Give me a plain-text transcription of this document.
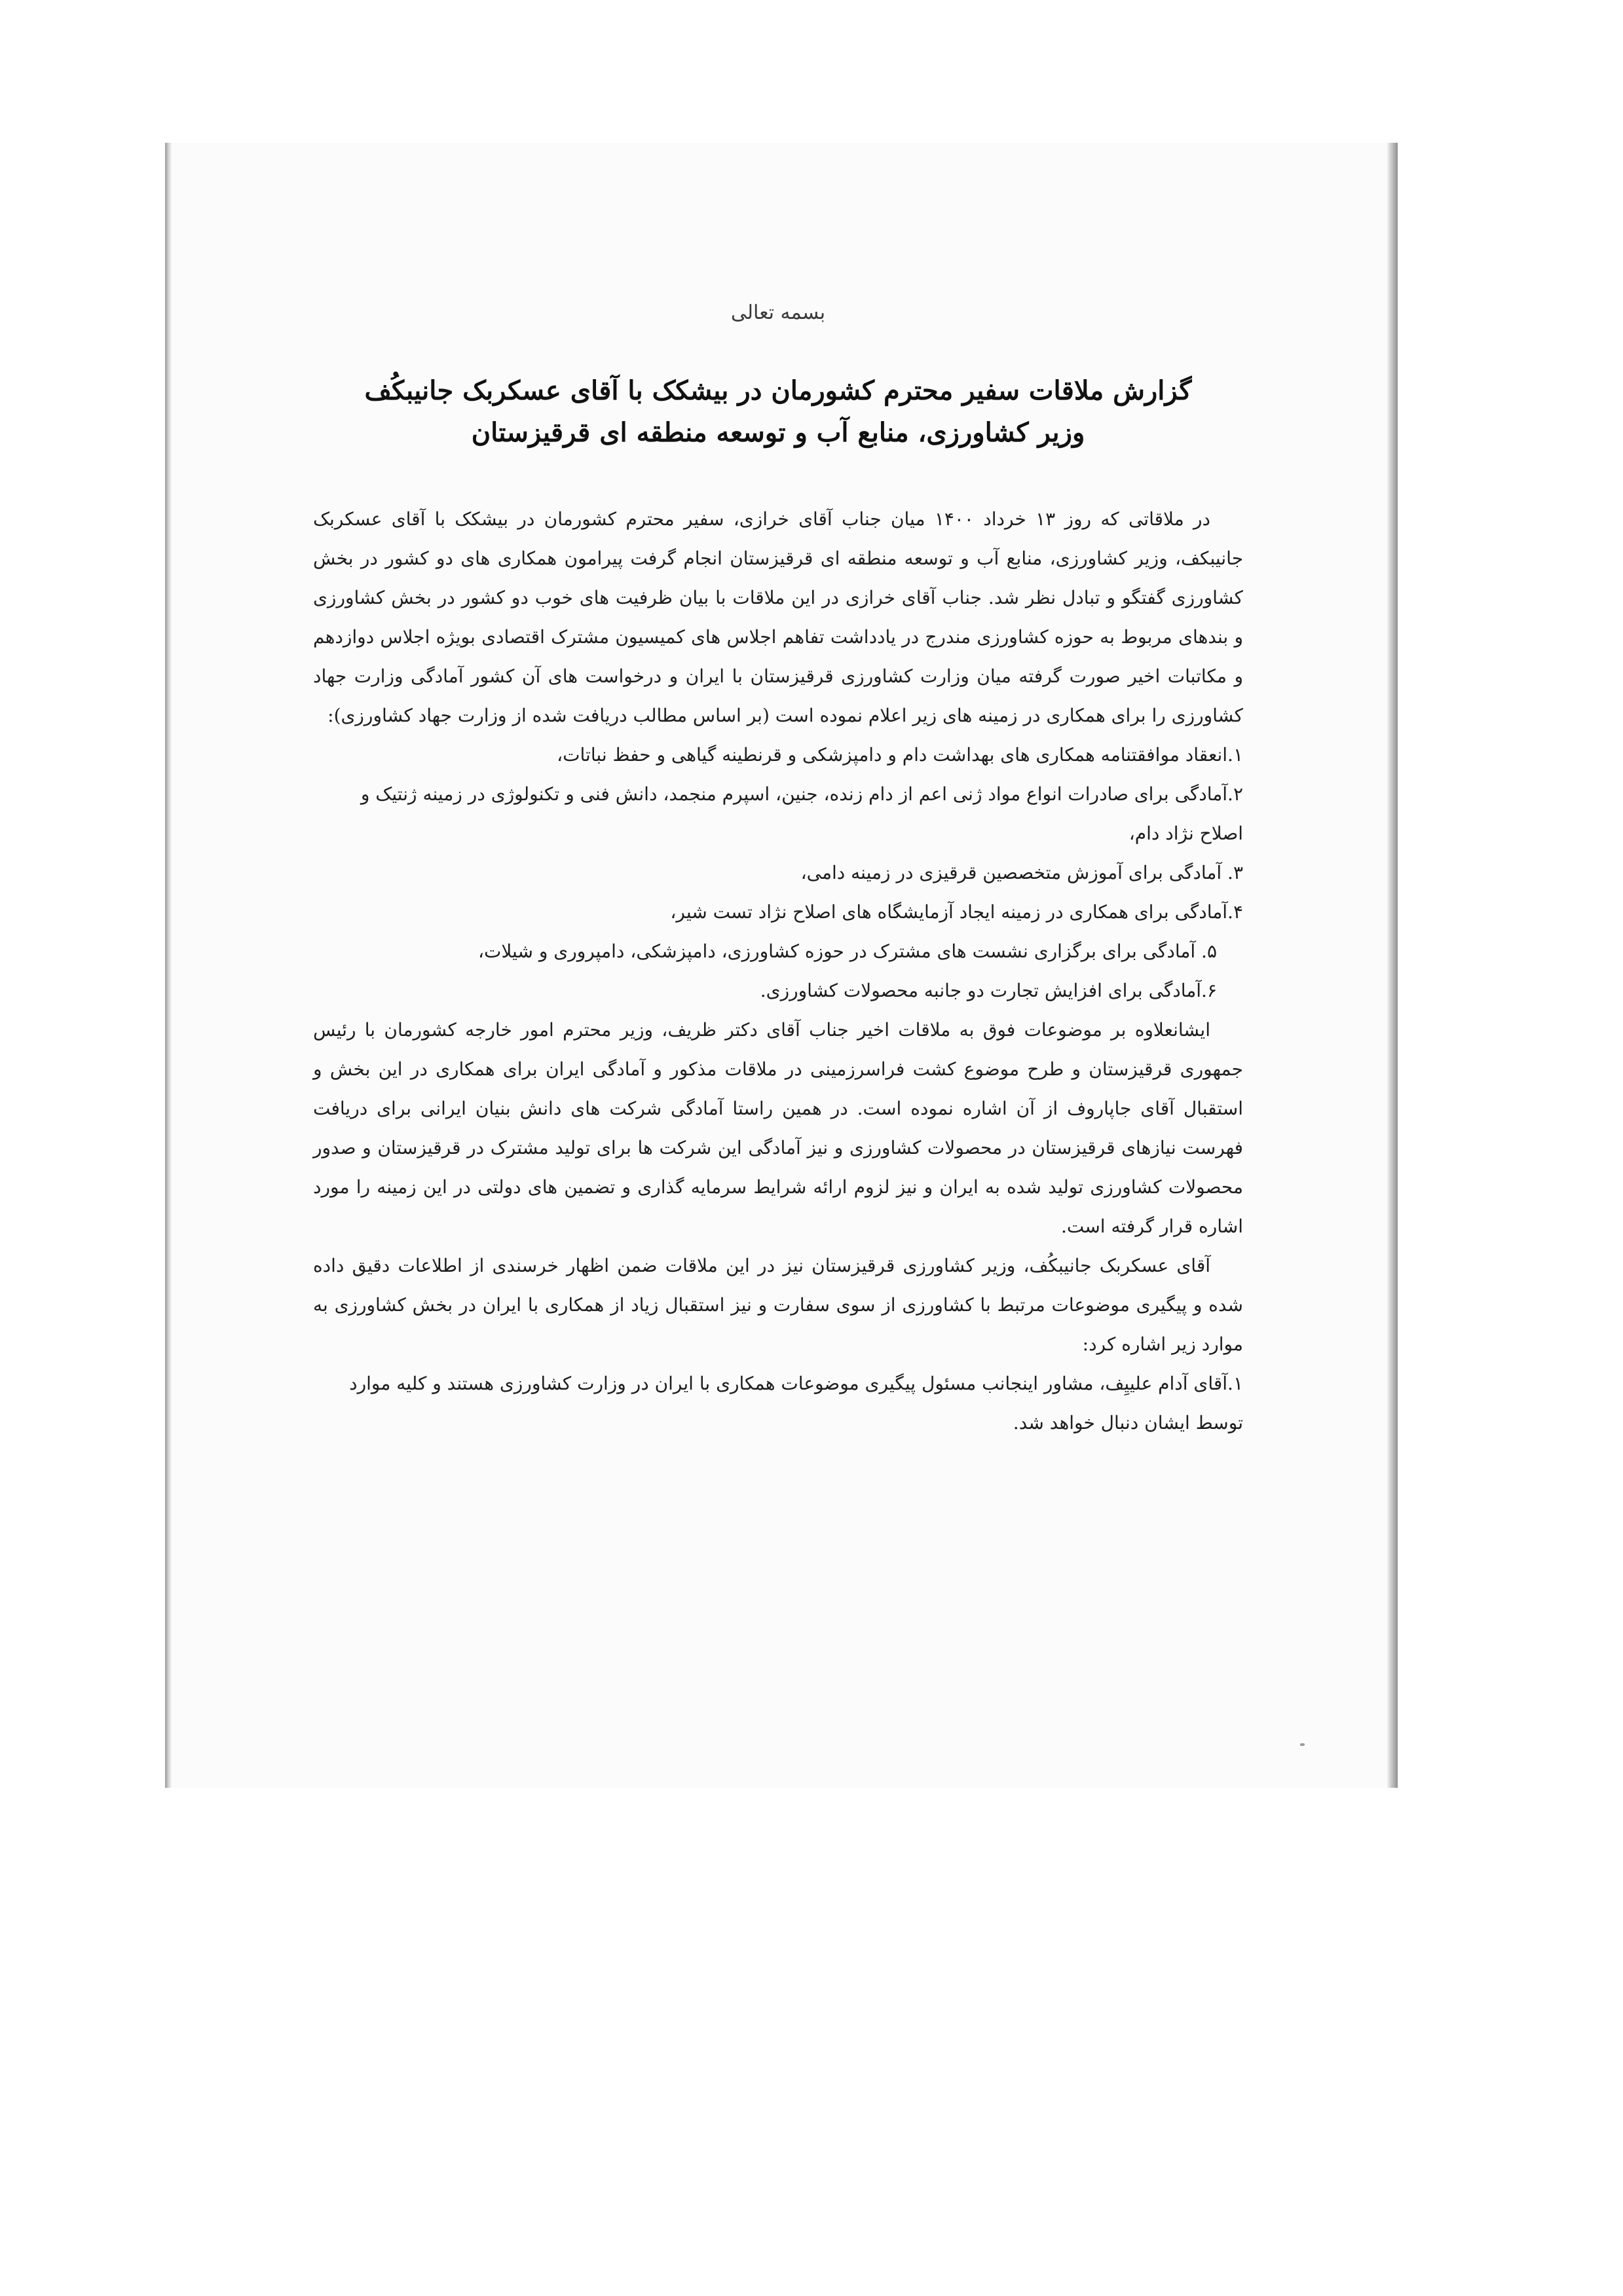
بسمه تعالی
گزارش ملاقات سفیر محترم کشورمان در بیشکک با آقای عسکربک جانیبکُف
وزیر کشاورزی، منابع آب و توسعه منطقه ای قرقیزستان

در ملاقاتی که روز ۱۳ خرداد ۱۴۰۰ میان جناب آقای خرازی، سفیر محترم کشورمان در بیشکک با آقای عسکربک جانیبکف، وزیر کشاورزی، منابع آب و توسعه منطقه ای قرقیزستان انجام گرفت پیرامون همکاری های دو کشور در بخش کشاورزی گفتگو و تبادل نظر شد. جناب آقای خرازی در این ملاقات با بیان ظرفیت های خوب دو کشور در بخش کشاورزی و بندهای مربوط به حوزه کشاورزی مندرج در یادداشت تفاهم اجلاس های کمیسیون مشترک اقتصادی بویژه اجلاس دوازدهم و مکاتبات اخیر صورت گرفته میان وزارت کشاورزی قرقیزستان با ایران و درخواست های آن کشور آمادگی وزارت جهاد کشاورزی را برای همکاری در زمینه های زیر اعلام نموده است (بر اساس مطالب دریافت شده از وزارت جهاد کشاورزی):

۱.انعقاد موافقتنامه همکاری های بهداشت دام و دامپزشکی و قرنطینه گیاهی و حفظ نباتات،
۲.آمادگی برای صادرات انواع مواد ژنی اعم از دام زنده، جنین، اسپرم منجمد، دانش فنی و تکنولوژی در زمینه ژنتیک و اصلاح نژاد دام،
۳. آمادگی برای آموزش متخصصین قرقیزی در زمینه دامی،
۴.آمادگی برای همکاری در زمینه ایجاد آزمایشگاه های اصلاح نژاد تست شیر،
۵. آمادگی برای برگزاری نشست های مشترک در حوزه کشاورزی، دامپزشکی، دامپروری و شیلات،
۶.آمادگی برای افزایش تجارت دو جانبه محصولات کشاورزی.

ایشانعلاوه بر موضوعات فوق به ملاقات اخیر جناب آقای دکتر ظریف، وزیر محترم امور خارجه کشورمان با رئیس جمهوری قرقیزستان و طرح موضوع کشت فراسرزمینی در ملاقات مذکور و آمادگی ایران برای همکاری در این بخش و استقبال آقای جاپاروف از آن اشاره نموده است. در همین راستا آمادگی شرکت های دانش بنیان ایرانی برای دریافت فهرست نیازهای قرقیزستان در محصولات کشاورزی و نیز آمادگی این شرکت ها برای تولید مشترک در قرقیزستان و صدور محصولات کشاورزی تولید شده به ایران و نیز لزوم ارائه شرایط سرمایه گذاری و تضمین های دولتی در این زمینه را مورد اشاره قرار گرفته است.

آقای عسکربک جانیبکُف، وزیر کشاورزی قرقیزستان نیز در این ملاقات ضمن اظهار خرسندی از اطلاعات دقیق داده شده و پیگیری موضوعات مرتبط با کشاورزی از سوی سفارت و نیز استقبال زیاد از همکاری با ایران در بخش کشاورزی به موارد زیر اشاره کرد:

۱.آقای آدام علییِف، مشاور اینجانب مسئول پیگیری موضوعات همکاری با ایران در وزارت کشاورزی هستند و کلیه موارد توسط ایشان دنبال خواهد شد.
